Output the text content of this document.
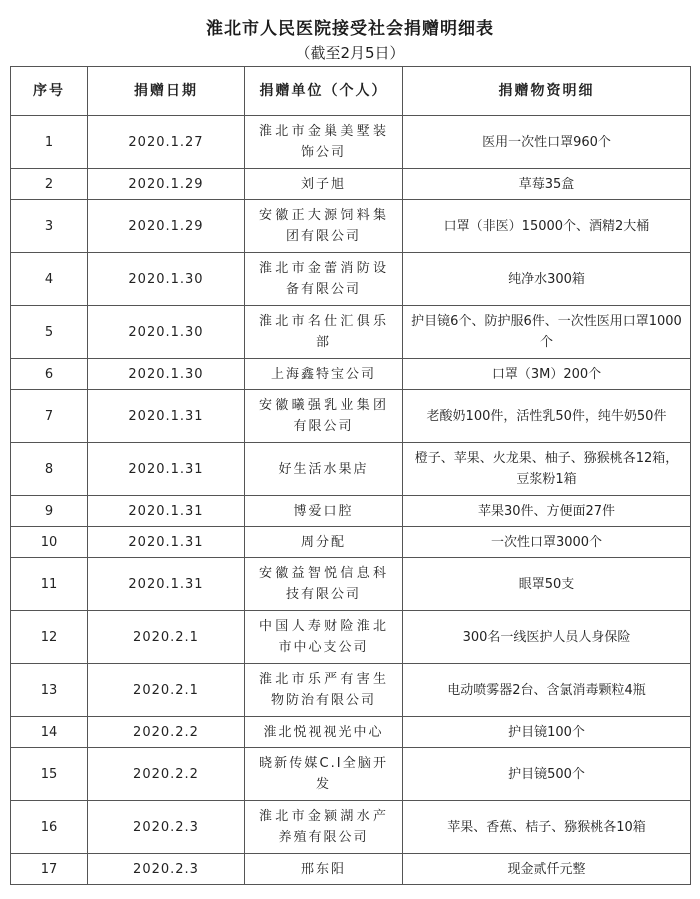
淮北市人民医院接受社会捐赠明细表
（截至2月5日）
序号	捐赠日期	捐赠单位（个人）	捐赠物资明细
1	2020.1.27	淮北市金巢美墅装饰公司	医用一次性口罩960个
2	2020.1.29	刘子旭	草莓35盒
3	2020.1.29	安徽正大源饲料集团有限公司	口罩（非医）15000个、酒精2大桶
4	2020.1.30	淮北市金蕾消防设备有限公司	纯净水300箱
5	2020.1.30	淮北市名仕汇俱乐部	护目镜6个、防护服6件、一次性医用口罩1000个
6	2020.1.30	上海鑫特宝公司	口罩（3M）200个
7	2020.1.31	安徽曦强乳业集团有限公司	老酸奶100件，活性乳50件，纯牛奶50件
8	2020.1.31	好生活水果店	橙子、苹果、火龙果、柚子、猕猴桃各12箱，豆浆粉1箱
9	2020.1.31	博爱口腔	苹果30件、方便面27件
10	2020.1.31	周分配	一次性口罩3000个
11	2020.1.31	安徽益智悦信息科技有限公司	眼罩50支
12	2020.2.1	中国人寿财险淮北市中心支公司	300名一线医护人员人身保险
13	2020.2.1	淮北市乐严有害生物防治有限公司	电动喷雾器2台、含氯消毒颗粒4瓶
14	2020.2.2	淮北悦视视光中心	护目镜100个
15	2020.2.2	晓新传媒C.I全脑开发	护目镜500个
16	2020.2.3	淮北市金颍湖水产养殖有限公司	苹果、香蕉、桔子、猕猴桃各10箱
17	2020.2.3	邢东阳	现金贰仟元整
